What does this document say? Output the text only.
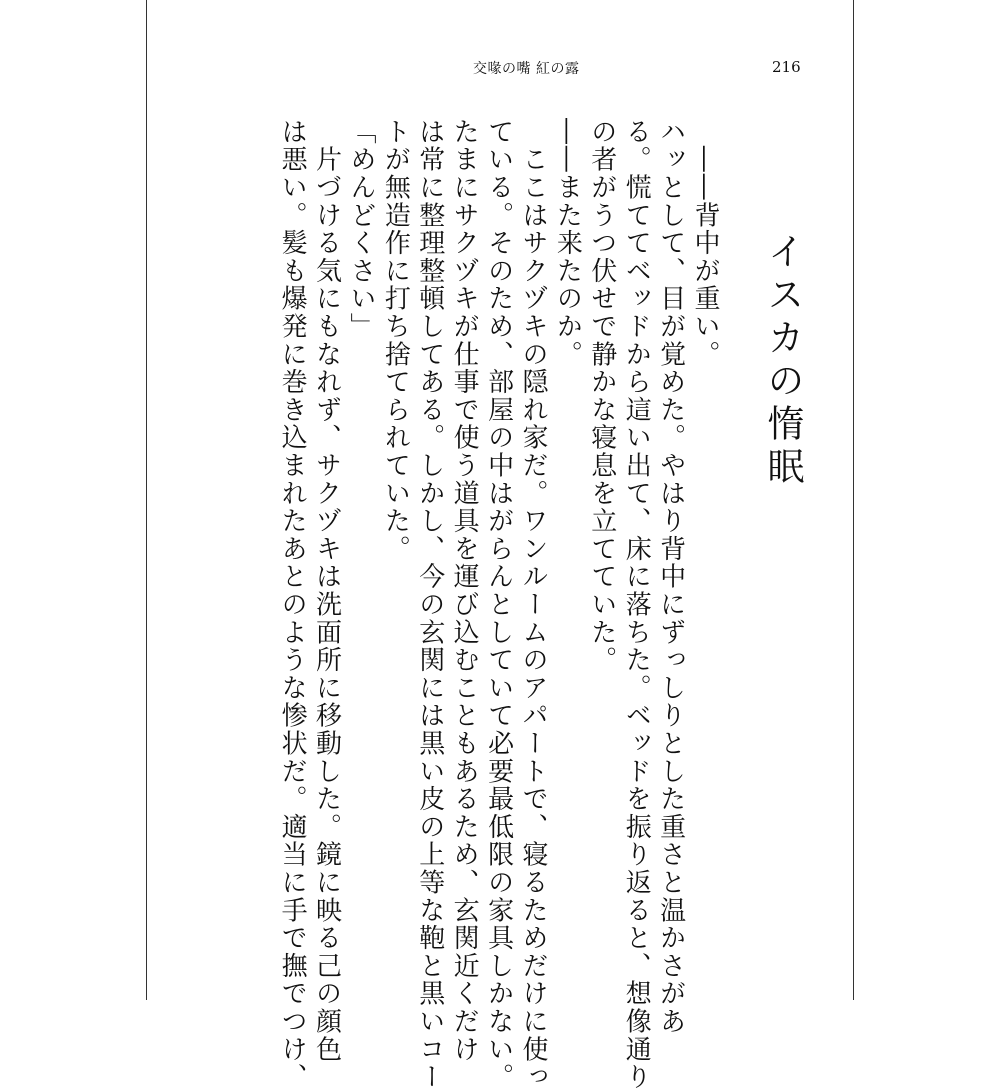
交喙の嘴 紅の露	216
イスカの惰眠

　――背中が重い。

ハッとして、目が覚めた。やはり背中にずっしりとした重さと温かさがあ
る。慌ててベッドから這い出て、床に落ちた。ベッドを振り返ると、想像通り
の者がうつ伏せで静かな寝息を立てていた。

――また来たのか。

　ここはサクヅキの隠れ家だ。ワンルームのアパートで、寝るためだけに使っ
ている。そのため、部屋の中はがらんとしていて必要最低限の家具しかない。
たまにサクヅキが仕事で使う道具を運び込むこともあるため、玄関近くだけ
は常に整理整頓してある。しかし、今の玄関には黒い皮の上等な鞄と黒いコー
トが無造作に打ち捨てられていた。

「めんどくさい」

　片づける気にもなれず、サクヅキは洗面所に移動した。鏡に映る己の顔色
は悪い。髪も爆発に巻き込まれたあとのような惨状だ。適当に手で撫でつけ、
